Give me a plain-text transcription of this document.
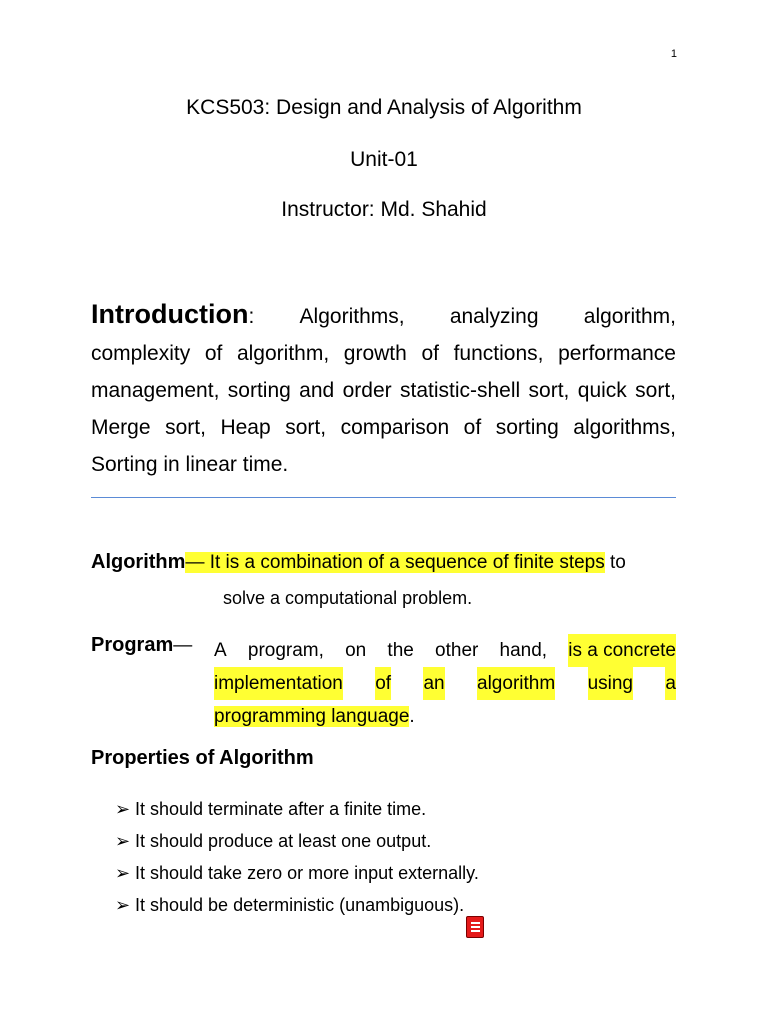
1
KCS503: Design and Analysis of Algorithm
Unit-01
Instructor: Md. Shahid
Introduction: Algorithms, analyzing algorithm,
complexity of algorithm, growth of functions, performance management, sorting and order statistic-shell sort, quick sort, Merge sort, Heap sort, comparison of sorting algorithms, Sorting in linear time.
Algorithm— It is a combination of a sequence of finite steps to
solve a computational problem.
Program— A program, on the other hand, is a concrete
implementation of an algorithm using a
programming language.
Properties of Algorithm
➢ It should terminate after a finite time.
➢ It should produce at least one output.
➢ It should take zero or more input externally.
➢ It should be deterministic (unambiguous).
